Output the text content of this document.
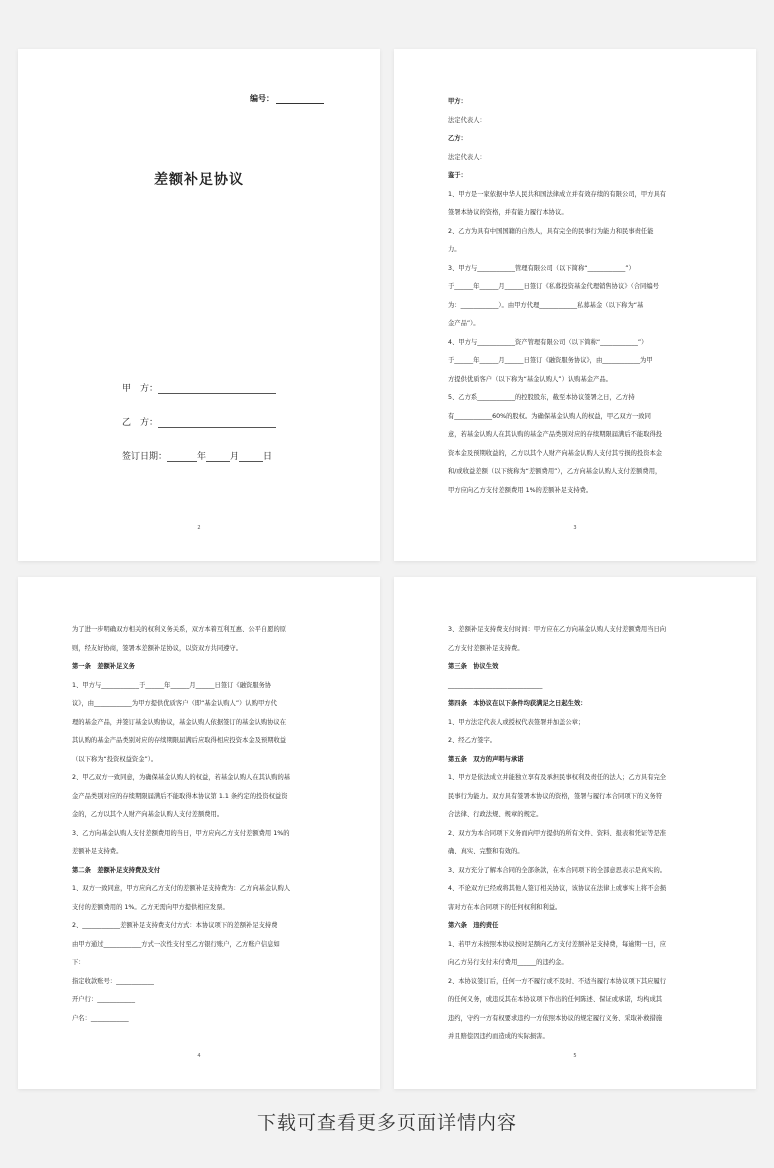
编号：
差额补足协议
甲　方：
乙　方：
签订日期：	年	月	日
2

甲方：

法定代表人：

乙方：

法定代表人：

鉴于：

1、甲方是一家依据中华人民共和国法律成立并有效存续的有限公司，甲方具有

签署本协议的资格，并有能力履行本协议。

2、乙方为具有中国国籍的自然人，具有完全的民事行为能力和民事责任能

力。

3、甲方与____________管理有限公司（以下简称“____________”）

于______年______月______日签订《私募投资基金代理销售协议》（合同编号

为：____________）。由甲方代理____________私募基金（以下称为“基

金产品”）。

4、甲方与____________资产管理有限公司（以下简称“____________”）

于______年______月______日签订《融资服务协议》，由____________为甲

方提供优质客户（以下称为“基金认购人”）认购基金产品。

5、乙方系____________的控股股东，截至本协议签署之日，乙方持

有____________60%的股权。为确保基金认购人的权益，甲乙双方一致同

意，若基金认购人在其认购的基金产品类别对应的存续期限届满后不能取得投

资本金及预期收益的，乙方以其个人财产向基金认购人支付其亏损的投资本金

和/或收益差额（以下统称为“差额费用”），乙方向基金认购人支付差额费用，

甲方应向乙方支付差额费用 1%的差额补足支持费。

3

为了进一步明确双方相关的权利义务关系，双方本着互利互惠、公平自愿的原

则，经友好协商，签署本差额补足协议，以资双方共同遵守。

第一条　差额补足义务

1、甲方与____________于______年______月______日签订《融资服务协

议》，由____________为甲方提供优质客户（即“基金认购人”）认购甲方代

理的基金产品，并签订基金认购协议，基金认购人依据签订的基金认购协议在

其认购的基金产品类别对应的存续期限届满后应取得相应投资本金及预期收益

（以下称为“投资权益资金”）。

2、甲乙双方一致同意，为确保基金认购人的权益，若基金认购人在其认购的基

金产品类别对应的存续期限届满后不能取得本协议第 1.1 条约定的投资权益资

金的，乙方以其个人财产向基金认购人支付差额费用。

3、乙方向基金认购人支付差额费用的当日，甲方应向乙方支付差额费用 1%的

差额补足支持费。

第二条　差额补足支持费及支付

1、双方一致同意，甲方应向乙方支付的差额补足支持费为：乙方向基金认购人

支付的差额费用的 1%。乙方无需向甲方提供相应发票。

2、____________差额补足支持费支付方式：本协议项下的差额补足支持费

由甲方通过____________方式一次性支付至乙方银行账户，乙方账户信息如

下：

指定收款账号：____________

开户行：____________

户名：____________

4

3、差额补足支持费支付时间：甲方应在乙方向基金认购人支付差额费用当日向

乙方支付差额补足支持费。

第三条　协议生效

______________________________

第四条　本协议在以下条件均获满足之日起生效：

1、甲方法定代表人或授权代表签署并加盖公章；

2、经乙方签字。

第五条　双方的声明与承诺

1、甲方是依法成立并能独立享有及承担民事权利及责任的法人；乙方具有完全

民事行为能力。双方具有签署本协议的资格，签署与履行本合同项下的义务符

合法律、行政法规、规章的规定。

2、双方为本合同项下义务而向甲方提供的所有文件、资料、报表和凭证等是准

确、真实、完整和有效的。

3、双方充分了解本合同的全部条款，在本合同项下的全部意思表示是真实的。

4、不论双方已经或将其他人签订相关协议，该协议在法律上或事实上将不会损

害对方在本合同项下的任何权利和利益。

第六条　违约责任

1、若甲方未按照本协议按时足额向乙方支付差额补足支持费，每逾期一日，应

向乙方另行支付未付费用______的违约金。

2、本协议签订后，任何一方不履行或不及时、不适当履行本协议项下其应履行

的任何义务，或违反其在本协议项下作出的任何陈述、保证或承诺，均构成其

违约，守约一方有权要求违约一方依照本协议的规定履行义务、采取补救措施

并且赔偿因违约而造成的实际损害。

5
下载可查看更多页面详情内容
